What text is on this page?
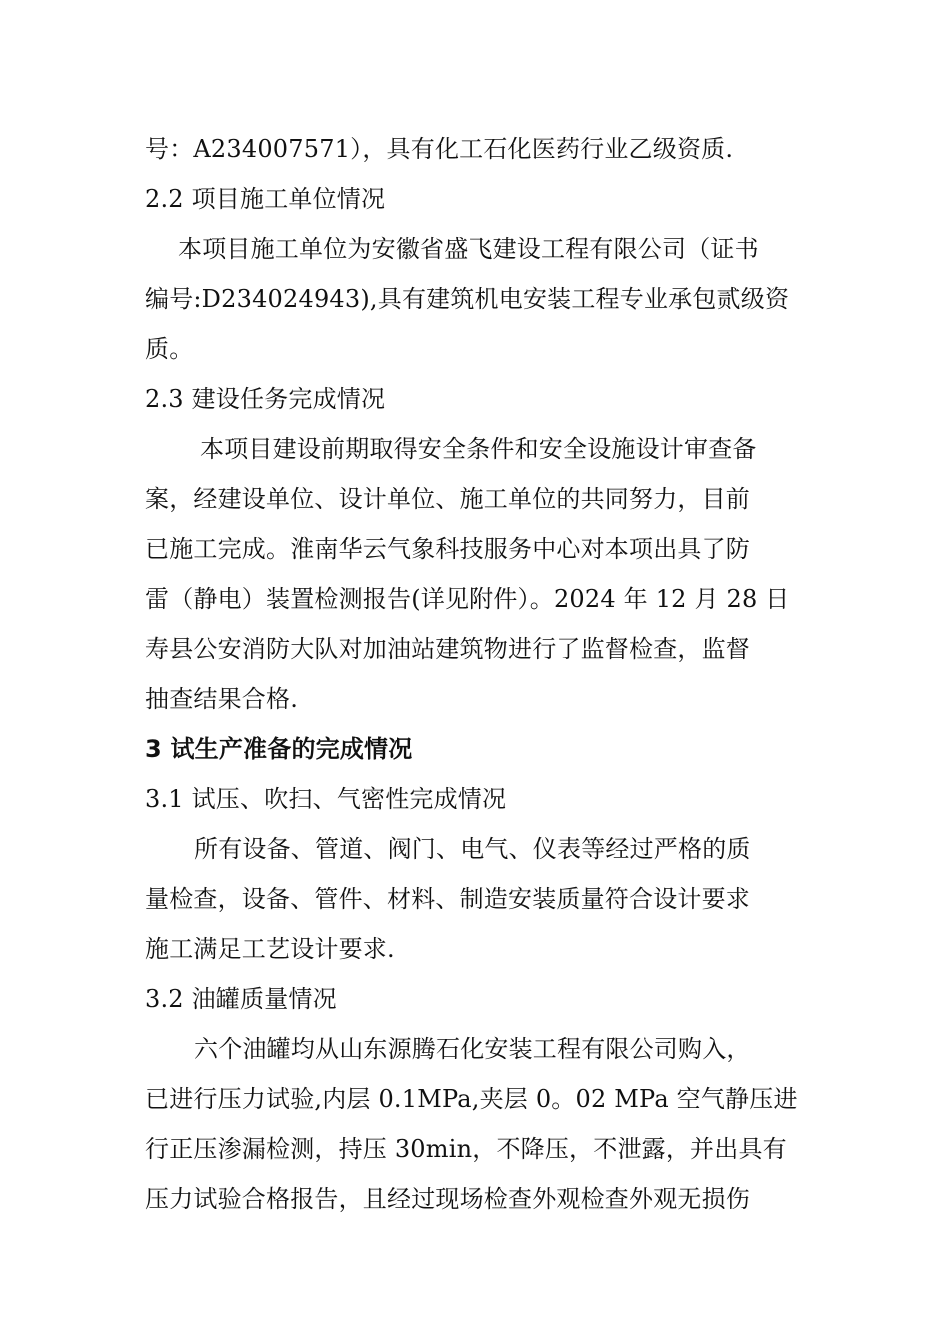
号：A234007571），具有化工石化医药行业乙级资质.
2.2 项目施工单位情况
本项目施工单位为安徽省盛飞建设工程有限公司（证书
编号:D234024943),具有建筑机电安装工程专业承包贰级资
质。
2.3 建设任务完成情况
本项目建设前期取得安全条件和安全设施设计审查备
案，经建设单位、设计单位、施工单位的共同努力，目前
已施工完成。淮南华云气象科技服务中心对本项出具了防
雷（静电）装置检测报告(详见附件）。2024 年 12 月 28 日
寿县公安消防大队对加油站建筑物进行了监督检查，监督
抽查结果合格.
3 试生产准备的完成情况
3.1 试压、吹扫、气密性完成情况
所有设备、管道、阀门、电气、仪表等经过严格的质
量检查，设备、管件、材料、制造安装质量符合设计要求
施工满足工艺设计要求.
3.2 油罐质量情况
六个油罐均从山东源腾石化安装工程有限公司购入，
已进行压力试验,内层 0.1MPa,夹层 0。02 MPa 空气静压进
行正压渗漏检测，持压 30min，不降压，不泄露，并出具有
压力试验合格报告，且经过现场检查外观检查外观无损伤
